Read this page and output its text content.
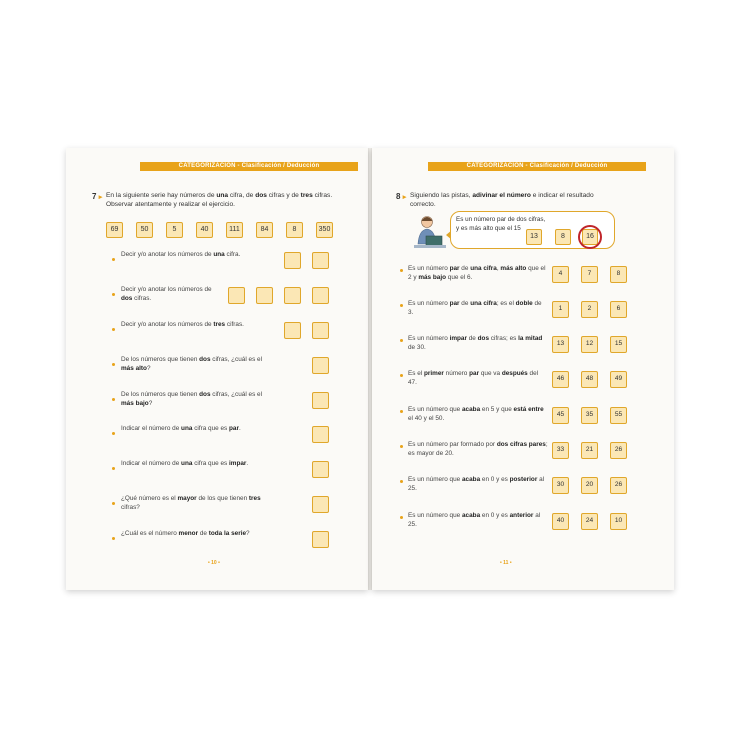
CATEGORIZACIÓN - Clasificación / Deducción
7 ▸ En la siguiente serie hay números de una cifra, de dos cifras y de tres cifras. Observar atentamente y realizar el ejercicio.
69	50	5	40	111	84	8	350
Decir y/o anotar los números de una cifra.
Decir y/o anotar los números de dos cifras.
Decir y/o anotar los números de tres cifras.
De los números que tienen dos cifras, ¿cuál es el más alto?
De los números que tienen dos cifras, ¿cuál es el más bajo?
Indicar el número de una cifra que es par.
Indicar el número de una cifra que es impar.
¿Qué número es el mayor de los que tienen tres cifras?
¿Cuál es el número menor de toda la serie?
• 10 •
CATEGORIZACIÓN - Clasificación / Deducción
8 ▸ Siguiendo las pistas, adivinar el número e indicar el resultado correcto.
Es un número par de dos cifras, y es más alto que el 15
13	8	16
Es un número par de una cifra, más alto que el 2 y más bajo que el 6.	4	7	8
Es un número par de una cifra; es el doble de 3.	1	2	6
Es un número impar de dos cifras; es la mitad de 30.	13	12	15
Es el primer número par que va después del 47.	46	48	49
Es un número que acaba en 5 y que está entre el 40 y el 50.	45	35	55
Es un número par formado por dos cifras pares; es mayor de 20.	33	21	26
Es un número que acaba en 0 y es posterior al 25.	30	20	26
Es un número que acaba en 0 y es anterior al 25.	40	24	10
• 11 •
